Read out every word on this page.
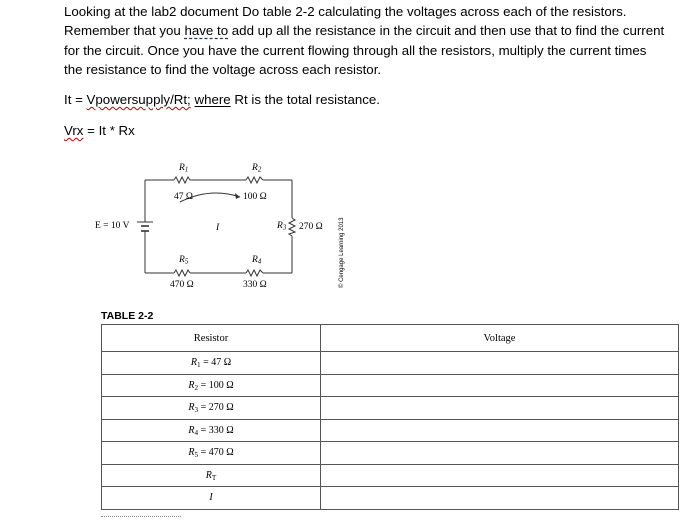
Looking at the lab2 document Do table 2-2 calculating the voltages across each of the resistors.
Remember that you have to add up all the resistance in the circuit and then use that to find the current
for the circuit. Once you have the current flowing through all the resistors, multiply the current times
the resistance to find the voltage across each resistor.

It = Vpowersupply/Rt; where Rt is the total resistance.
Vrx = It * Rx
$R_1$
47 Ω
$R_2$
100 Ω
$R_3$ 270 Ω
$R_5$
470 Ω
$R_4$
330 Ω
E = 10 V	I	© Cengage Learning 2013
TABLE 2-2
Resistor	Voltage
$R_1 = 47$ Ω	
$R_2 = 100$ Ω	
$R_3 = 270$ Ω	
$R_4 = 330$ Ω	
$R_5 = 470$ Ω	
$R_T$	
I	
